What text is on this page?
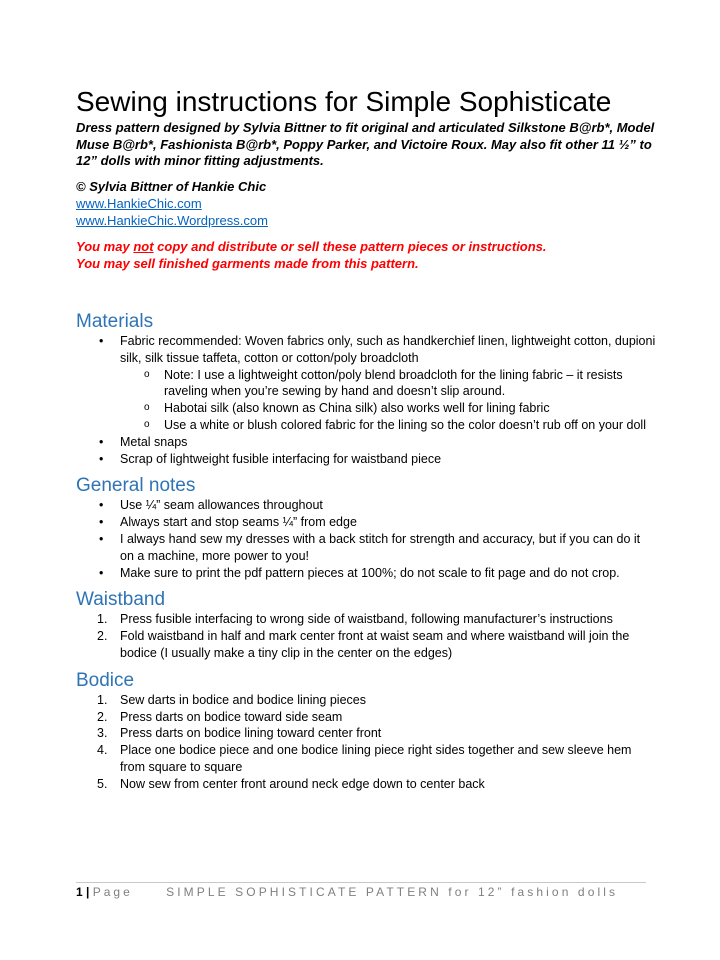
Sewing instructions for Simple Sophisticate

Dress pattern designed by Sylvia Bittner to fit original and articulated Silkstone B@rb*, Model Muse B@rb*, Fashionista B@rb*, Poppy Parker, and Victoire Roux. May also fit other 11 ½” to 12” dolls with minor fitting adjustments.

© Sylvia Bittner of Hankie Chic

www.HankieChic.com
www.HankieChic.Wordpress.com

You may not copy and distribute or sell these pattern pieces or instructions.
You may sell finished garments made from this pattern.

Materials
• Fabric recommended: Woven fabrics only, such as handkerchief linen, lightweight cotton, dupioni silk, silk tissue taffeta, cotton or cotton/poly broadcloth
o Note: I use a lightweight cotton/poly blend broadcloth for the lining fabric – it resists raveling when you’re sewing by hand and doesn’t slip around.
o Habotai silk (also known as China silk) also works well for lining fabric
o Use a white or blush colored fabric for the lining so the color doesn’t rub off on your doll
• Metal snaps
• Scrap of lightweight fusible interfacing for waistband piece
General notes
• Use ¼” seam allowances throughout
• Always start and stop seams ¼” from edge
• I always hand sew my dresses with a back stitch for strength and accuracy, but if you can do it on a machine, more power to you!
• Make sure to print the pdf pattern pieces at 100%; do not scale to fit page and do not crop.
Waistband
1. Press fusible interfacing to wrong side of waistband, following manufacturer’s instructions
2. Fold waistband in half and mark center front at waist seam and where waistband will join the bodice (I usually make a tiny clip in the center on the edges)
Bodice
1. Sew darts in bodice and bodice lining pieces
2. Press darts on bodice toward side seam
3. Press darts on bodice lining toward center front
4. Place one bodice piece and one bodice lining piece right sides together and sew sleeve hem from square to square
5. Now sew from center front around neck edge down to center back
1 | Page	SIMPLE SOPHISTICATE PATTERN for 12” fashion dolls
